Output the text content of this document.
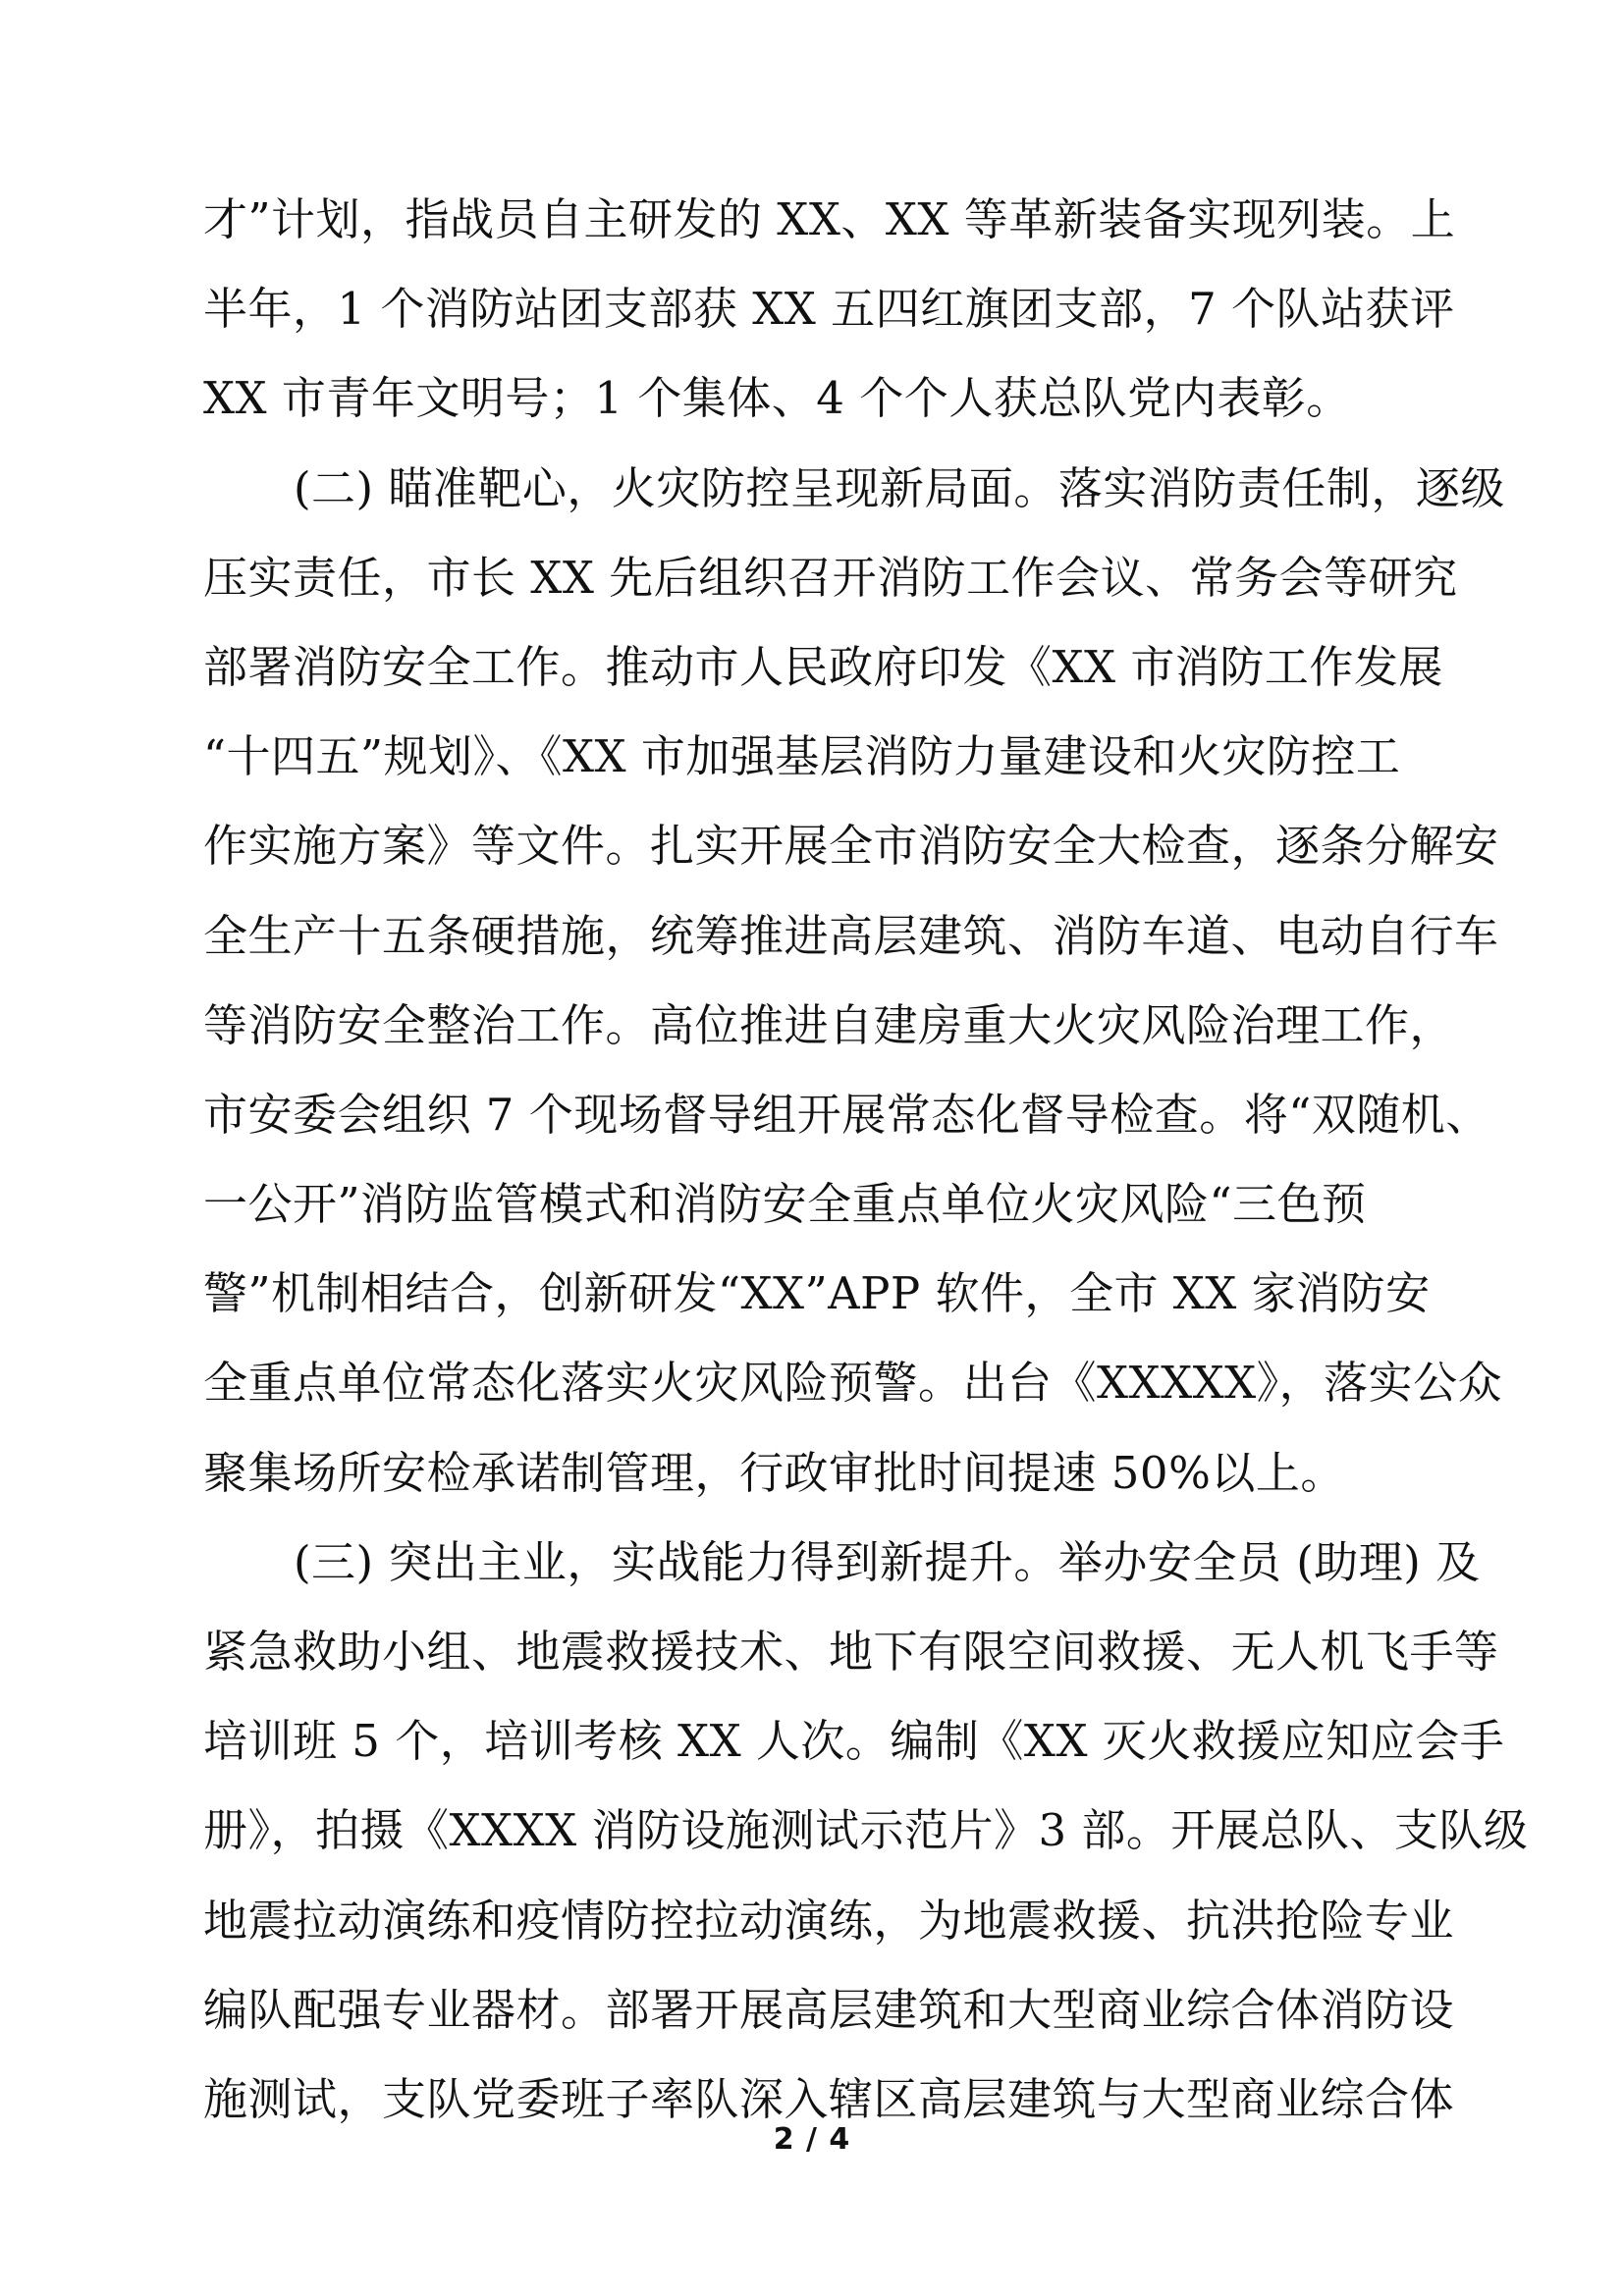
才”计划，指战员自主研发的 XX、XX 等革新装备实现列装。上
半年，1 个消防站团支部获 XX 五四红旗团支部，7 个队站获评
XX 市青年文明号；1 个集体、4 个个人获总队党内表彰。
(二) 瞄准靶心，火灾防控呈现新局面。落实消防责任制，逐级
压实责任，市长 XX 先后组织召开消防工作会议、常务会等研究
部署消防安全工作。推动市人民政府印发《XX 市消防工作发展
“十四五”规划》、《XX 市加强基层消防力量建设和火灾防控工
作实施方案》等文件。扎实开展全市消防安全大检查，逐条分解安
全生产十五条硬措施，统筹推进高层建筑、消防车道、电动自行车
等消防安全整治工作。高位推进自建房重大火灾风险治理工作，
市安委会组织 7 个现场督导组开展常态化督导检查。将“双随机、
一公开”消防监管模式和消防安全重点单位火灾风险“三色预
警”机制相结合，创新研发“XX”APP 软件，全市 XX 家消防安
全重点单位常态化落实火灾风险预警。出台《XXXXX》，落实公众
聚集场所安检承诺制管理，行政审批时间提速 50%以上。
(三) 突出主业，实战能力得到新提升。举办安全员 (助理) 及
紧急救助小组、地震救援技术、地下有限空间救援、无人机飞手等
培训班 5 个，培训考核 XX 人次。编制《XX 灭火救援应知应会手
册》，拍摄《XXXX 消防设施测试示范片》3 部。开展总队、支队级
地震拉动演练和疫情防控拉动演练，为地震救援、抗洪抢险专业
编队配强专业器材。部署开展高层建筑和大型商业综合体消防设
施测试，支队党委班子率队深入辖区高层建筑与大型商业综合体
2 / 4
